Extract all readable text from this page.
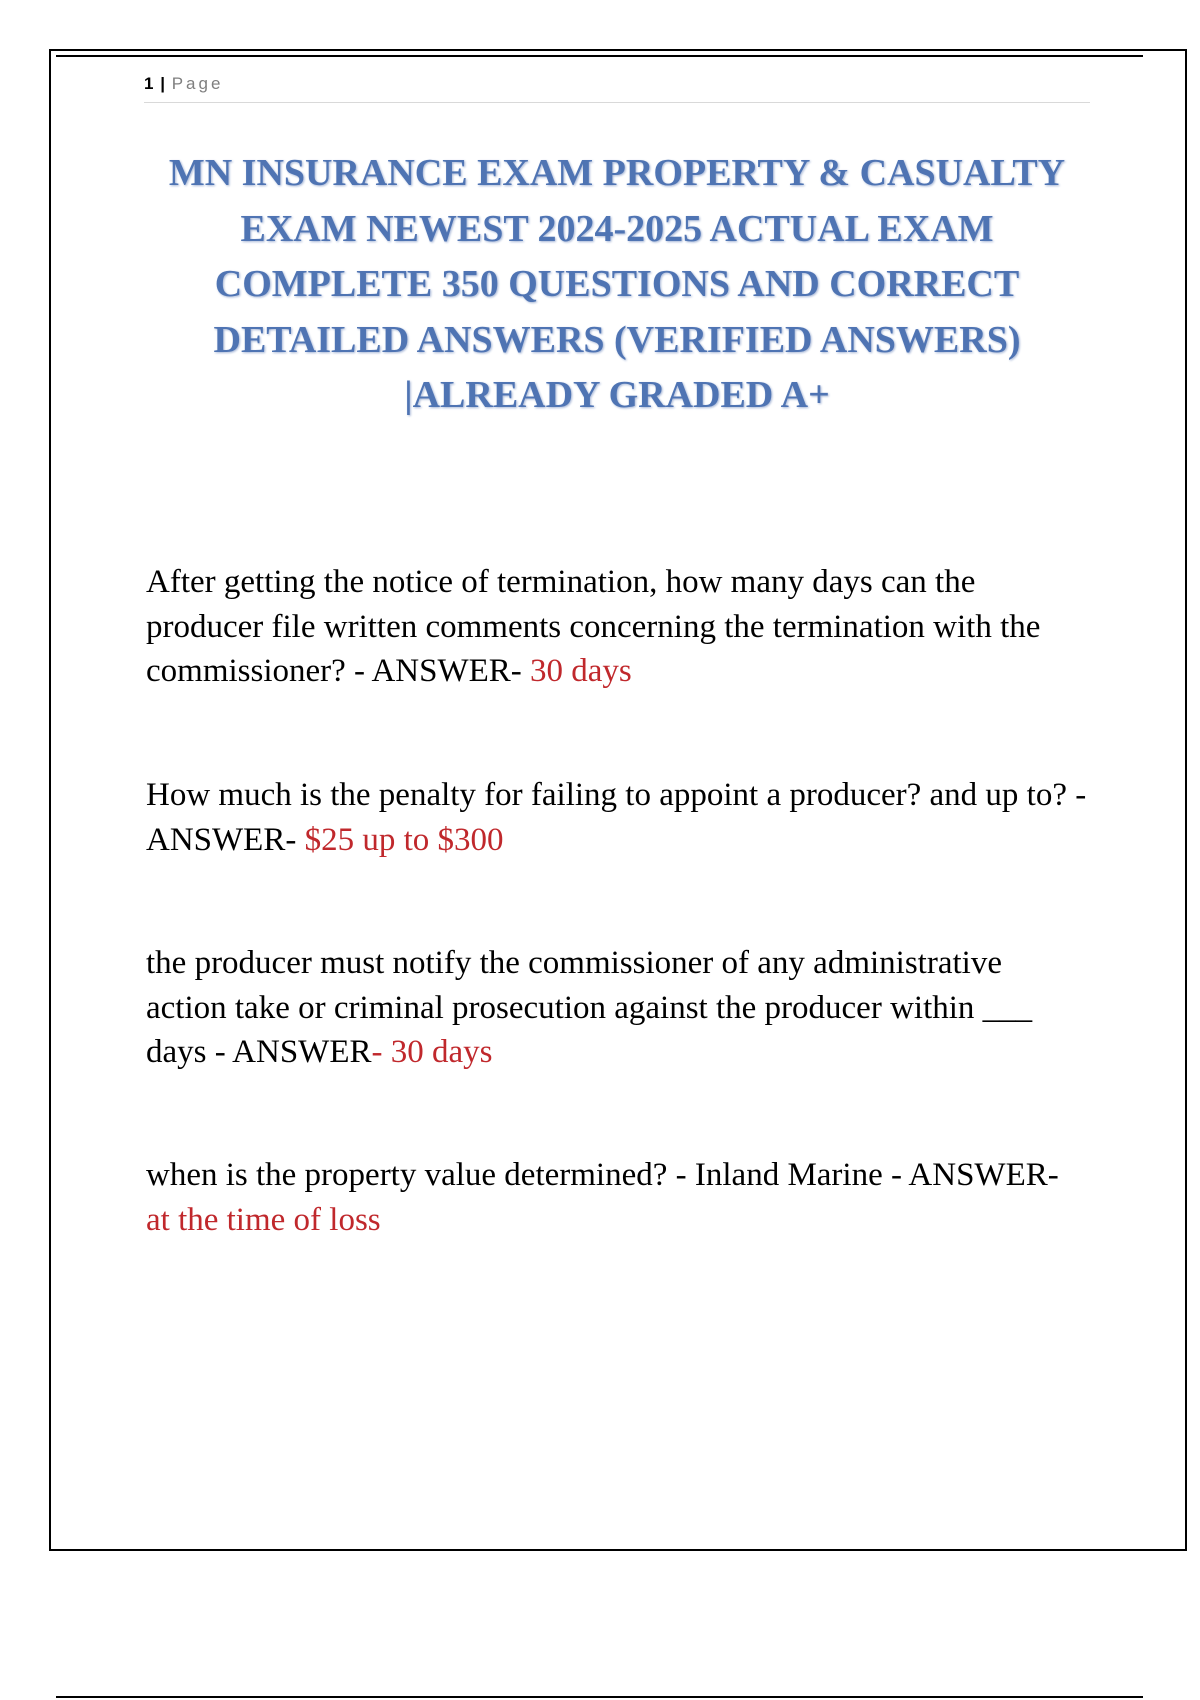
1 | Page
MN INSURANCE EXAM PROPERTY & CASUALTY EXAM NEWEST 2024-2025 ACTUAL EXAM COMPLETE 350 QUESTIONS AND CORRECT DETAILED ANSWERS (VERIFIED ANSWERS) |ALREADY GRADED A+

After getting the notice of termination, how many days can the producer file written comments concerning the termination with the commissioner? - ANSWER- 30 days

How much is the penalty for failing to appoint a producer? and up to? - ANSWER- $25 up to $300

the producer must notify the commissioner of any administrative action take or criminal prosecution against the producer within ___ days - ANSWER- 30 days

when is the property value determined? - Inland Marine - ANSWER- at the time of loss
